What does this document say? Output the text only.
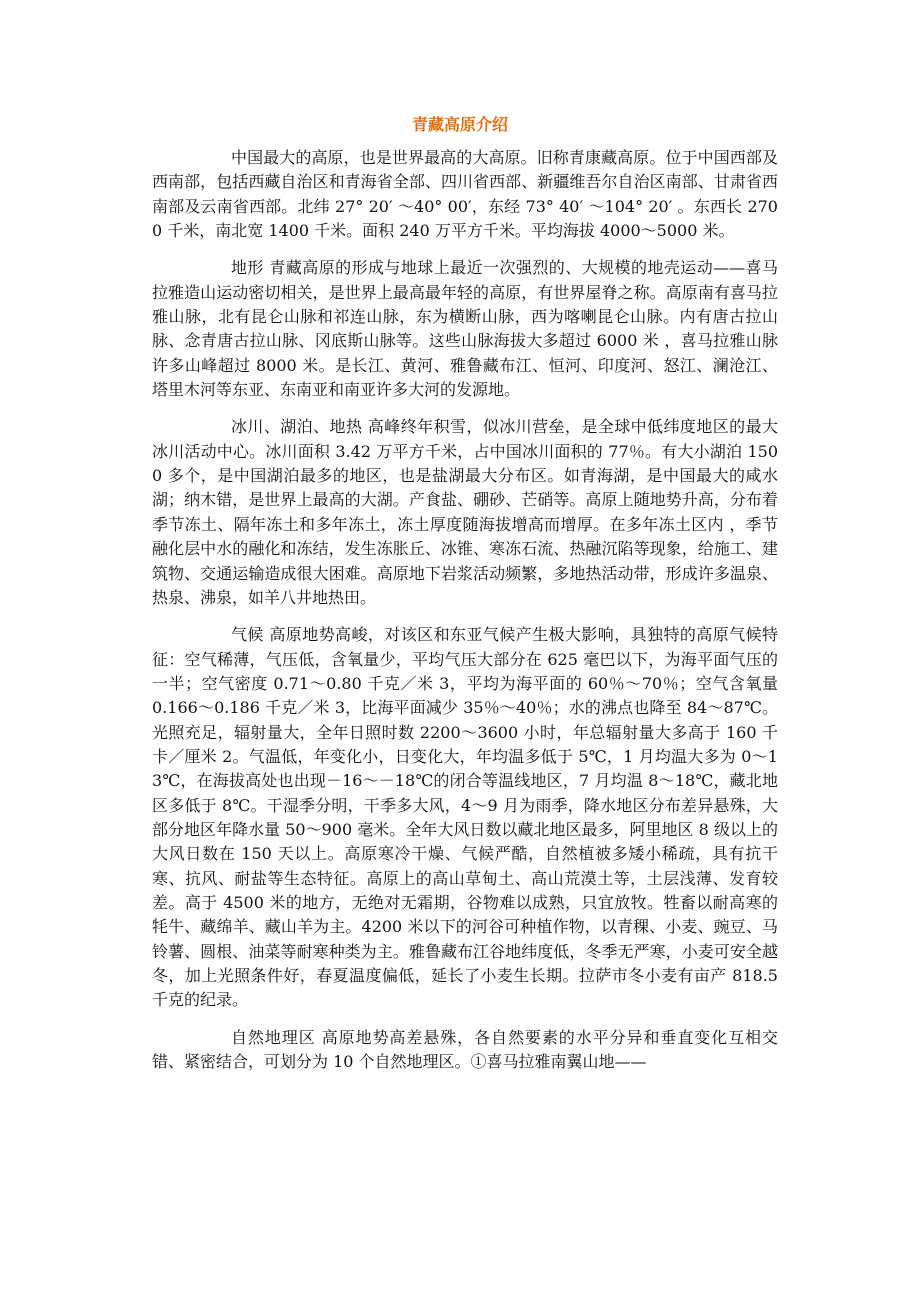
青藏高原介绍

中国最大的高原，也是世界最高的大高原。旧称青康藏高原。位于中国西部及西南部，包括西藏自治区和青海省全部、四川省西部、新疆维吾尔自治区南部、甘肃省西南部及云南省西部。北纬 27° 20′ ～40° 00′，东经 73° 40′ ～104° 20′ 。东西长 2700 千米，南北宽 1400 千米。面积 240 万平方千米。平均海拔 4000～5000 米。

地形 青藏高原的形成与地球上最近一次强烈的、大规模的地壳运动——喜马拉雅造山运动密切相关，是世界上最高最年轻的高原，有世界屋脊之称。高原南有喜马拉雅山脉，北有昆仑山脉和祁连山脉，东为横断山脉，西为喀喇昆仑山脉。内有唐古拉山脉、念青唐古拉山脉、冈底斯山脉等。这些山脉海拔大多超过 6000 米 ，喜马拉雅山脉许多山峰超过 8000 米。是长江、黄河、雅鲁藏布江、恒河、印度河、怒江、澜沧江、塔里木河等东亚、东南亚和南亚许多大河的发源地。

冰川、湖泊、地热 高峰终年积雪，似冰川营垒，是全球中低纬度地区的最大冰川活动中心。冰川面积 3.42 万平方千米，占中国冰川面积的 77％。有大小湖泊 1500 多个，是中国湖泊最多的地区，也是盐湖最大分布区。如青海湖，是中国最大的咸水湖；纳木错，是世界上最高的大湖。产食盐、硼砂、芒硝等。高原上随地势升高，分布着季节冻土、隔年冻土和多年冻土，冻土厚度随海拔增高而增厚。在多年冻土区内 ，季节融化层中水的融化和冻结，发生冻胀丘、冰锥、寒冻石流、热融沉陷等现象，给施工、建筑物、交通运输造成很大困难。高原地下岩浆活动频繁，多地热活动带，形成许多温泉、热泉、沸泉，如羊八井地热田。

气候 高原地势高峻，对该区和东亚气候产生极大影响，具独特的高原气候特征：空气稀薄，气压低，含氧量少，平均气压大部分在 625 毫巴以下，为海平面气压的一半；空气密度 0.71～0.80 千克／米 3，平均为海平面的 60％～70％；空气含氧量 0.166～0.186 千克／米 3，比海平面减少 35％～40％；水的沸点也降至 84～87℃。光照充足，辐射量大，全年日照时数 2200～3600 小时，年总辐射量大多高于 160 千卡／厘米 2。气温低，年变化小，日变化大，年均温多低于 5℃，1 月均温大多为 0～13℃，在海拔高处也出现－16～－18℃的闭合等温线地区，7 月均温 8～18℃，藏北地区多低于 8℃。干湿季分明，干季多大风，4～9 月为雨季，降水地区分布差异悬殊，大部分地区年降水量 50～900 毫米。全年大风日数以藏北地区最多，阿里地区 8 级以上的大风日数在 150 天以上。高原寒冷干燥、气候严酷，自然植被多矮小稀疏，具有抗干寒、抗风、耐盐等生态特征。高原上的高山草甸土、高山荒漠土等，土层浅薄、发育较差。高于 4500 米的地方，无绝对无霜期，谷物难以成熟，只宜放牧。牲畜以耐高寒的牦牛、藏绵羊、藏山羊为主。4200 米以下的河谷可种植作物，以青稞、小麦、豌豆、马铃薯、圆根、油菜等耐寒种类为主。雅鲁藏布江谷地纬度低，冬季无严寒，小麦可安全越冬，加上光照条件好，春夏温度偏低，延长了小麦生长期。拉萨市冬小麦有亩产 818.5 千克的纪录。

自然地理区 高原地势高差悬殊，各自然要素的水平分异和垂直变化互相交错、紧密结合，可划分为 10 个自然地理区。①喜马拉雅南翼山地——
